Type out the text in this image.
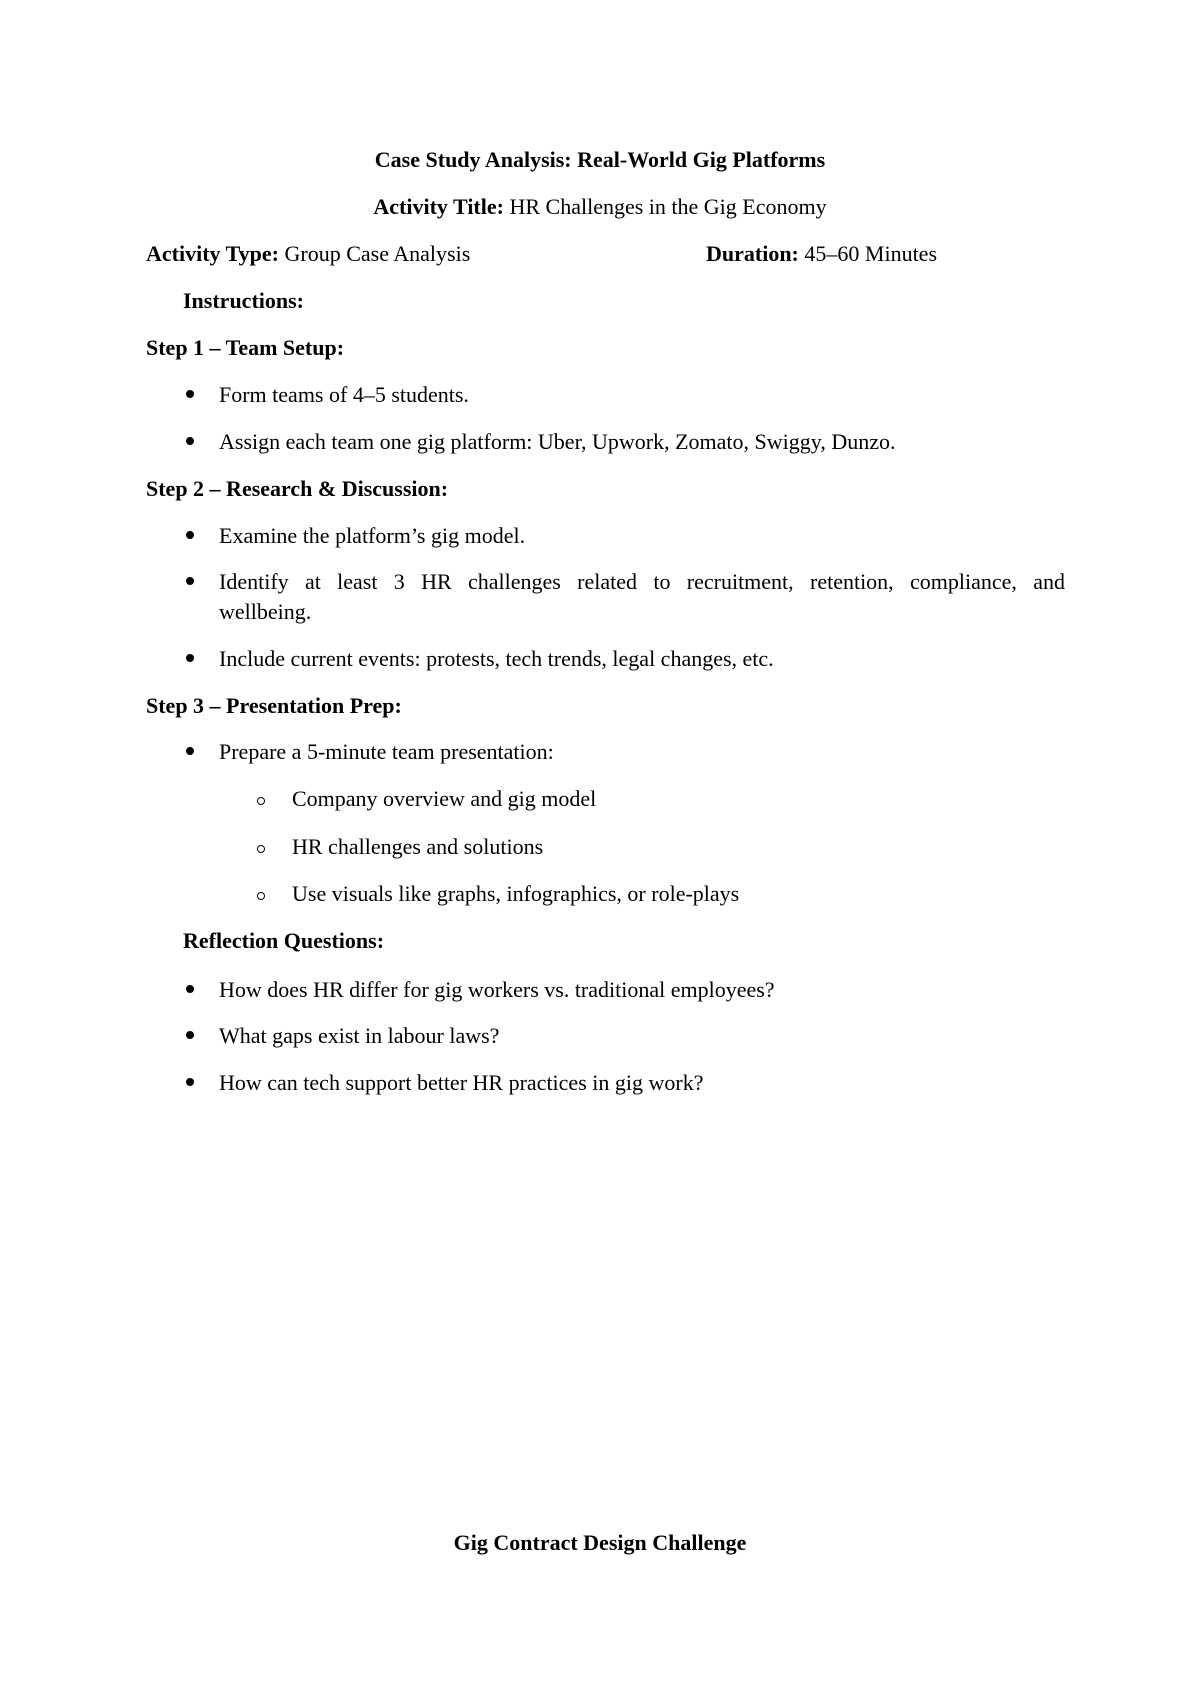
Case Study Analysis: Real-World Gig Platforms
Activity Title: HR Challenges in the Gig Economy
Activity Type: Group Case Analysis	Duration: 45–60 Minutes
Instructions:
Step 1 – Team Setup:
Form teams of 4–5 students.
Assign each team one gig platform: Uber, Upwork, Zomato, Swiggy, Dunzo.
Step 2 – Research & Discussion:
Examine the platform’s gig model.
Identify at least 3 HR challenges related to recruitment, retention, compliance, and
wellbeing.
Include current events: protests, tech trends, legal changes, etc.
Step 3 – Presentation Prep:
Prepare a 5-minute team presentation:
Company overview and gig model
HR challenges and solutions
Use visuals like graphs, infographics, or role-plays
Reflection Questions:
How does HR differ for gig workers vs. traditional employees?
What gaps exist in labour laws?
How can tech support better HR practices in gig work?
Gig Contract Design Challenge
